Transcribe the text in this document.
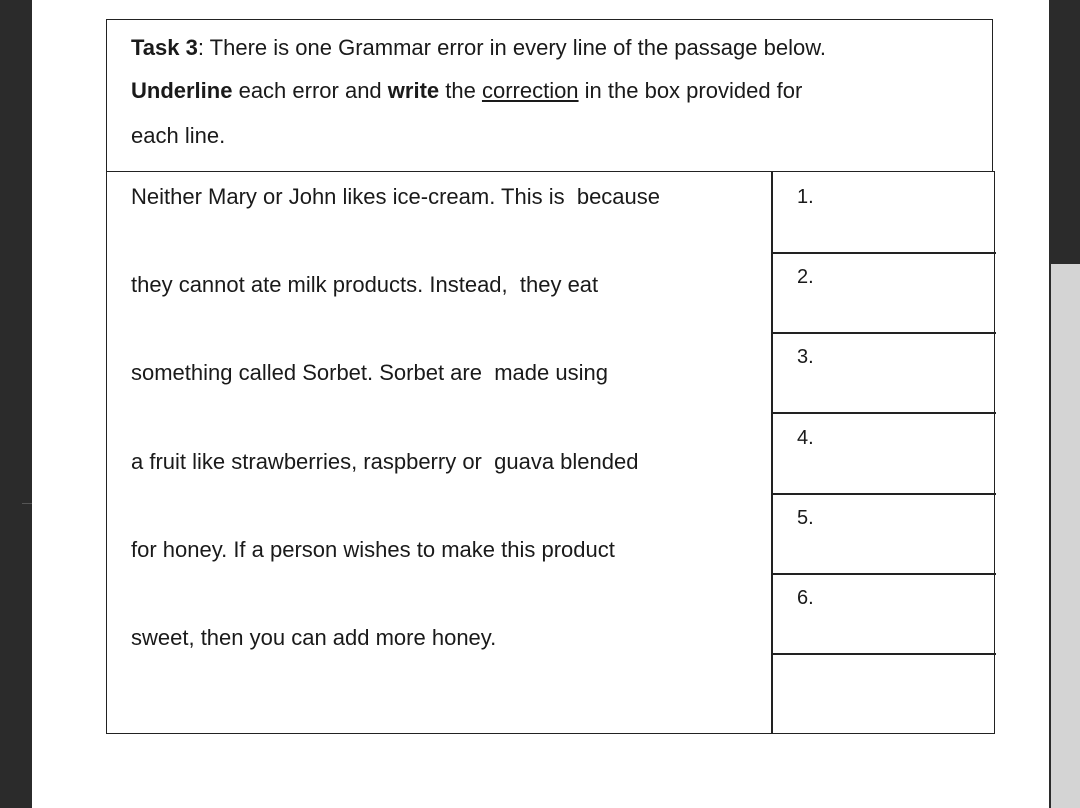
Task 3: There is one Grammar error in every line of the passage below.
Underline each error and write the correction in the box provided for
each line.
Neither Mary or John likes ice-cream. This is  because
they cannot ate milk products. Instead,  they eat
something called Sorbet. Sorbet are  made using
a fruit like strawberries, raspberry or  guava blended
for honey. If a person wishes to make this product
sweet, then you can add more honey.
1.
2.
3.
4.
5.
6.
